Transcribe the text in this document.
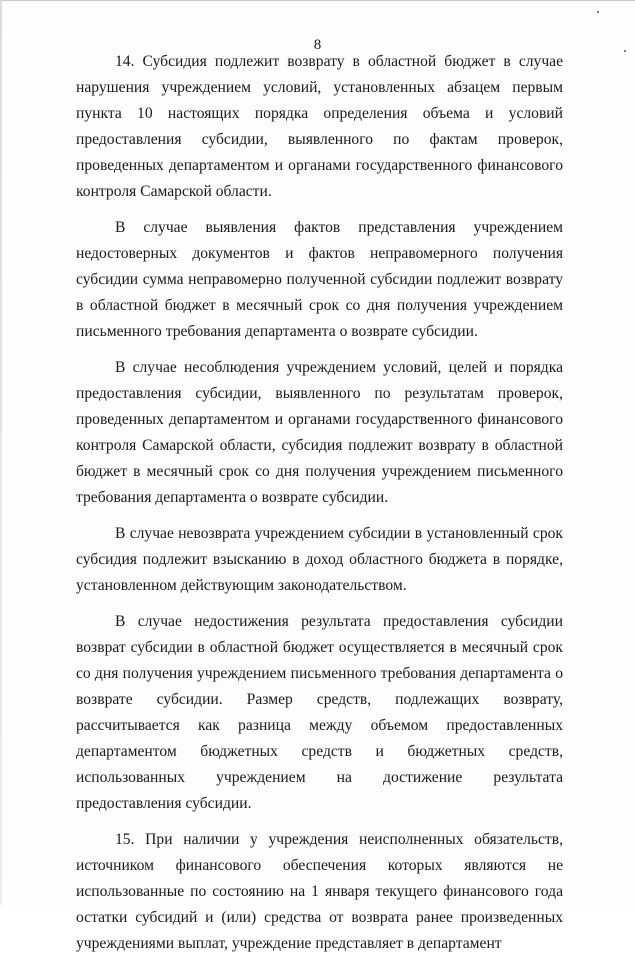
8

14. Субсидия подлежит возврату в областной бюджет в случае нарушения учреждением условий, установленных абзацем первым пункта 10 настоящих порядка определения объема и условий предоставления субсидии, выявленного по фактам проверок, проведенных департаментом и органами государственного финансового контроля Самарской области.

В случае выявления фактов представления учреждением недостоверных документов и фактов неправомерного получения субсидии сумма неправомерно полученной субсидии подлежит возврату в областной бюджет в месячный срок со дня получения учреждением письменного требования департамента о возврате субсидии.

В случае несоблюдения учреждением условий, целей и порядка предоставления субсидии, выявленного по результатам проверок, проведенных департаментом и органами государственного финансового контроля Самарской области, субсидия подлежит возврату в областной бюджет в месячный срок со дня получения учреждением письменного требования департамента о возврате субсидии.

В случае невозврата учреждением субсидии в установленный срок субсидия подлежит взысканию в доход областного бюджета в порядке, установленном действующим законодательством.

В случае недостижения результата предоставления субсидии возврат субсидии в областной бюджет осуществляется в месячный срок со дня получения учреждением письменного требования департамента о возврате субсидии. Размер средств, подлежащих возврату, рассчитывается как разница между объемом предоставленных департаментом бюджетных средств и бюджетных средств, использованных учреждением на достижение результата предоставления субсидии.

15. При наличии у учреждения неисполненных обязательств, источником финансового обеспечения которых являются не использованные по состоянию на 1 января текущего финансового года остатки субсидий и (или) средства от возврата ранее произведенных учреждениями выплат, учреждение представляет в департамент
